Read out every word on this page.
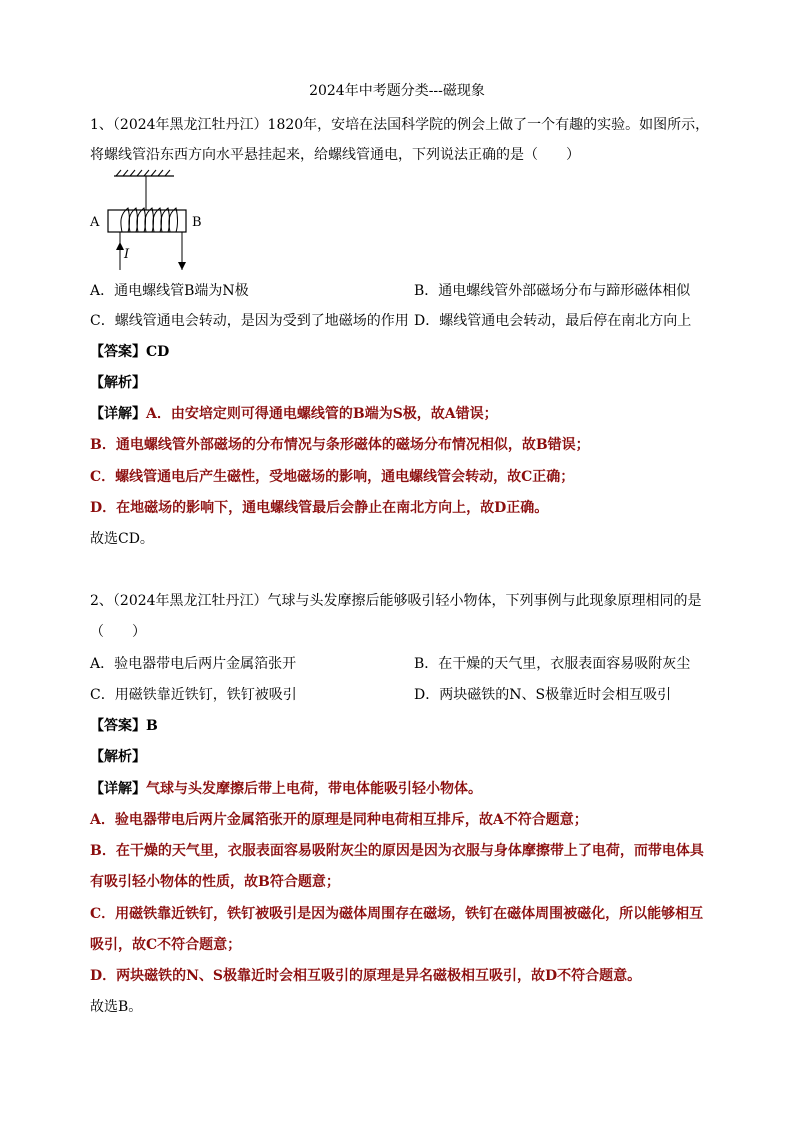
2024年中考题分类---磁现象
1、（2024年黑龙江牡丹江）1820年，安培在法国科学院的例会上做了一个有趣的实验。如图所示，
将螺线管沿东西方向水平悬挂起来，给螺线管通电，下列说法正确的是（　　）
A	B
I
A．通电螺线管B端为N极	B．通电螺线管外部磁场分布与蹄形磁体相似
C．螺线管通电会转动，是因为受到了地磁场的作用 D．螺线管通电会转动，最后停在南北方向上
【答案】CD
【解析】
【详解】A．由安培定则可得通电螺线管的B端为S极，故A错误；
B．通电螺线管外部磁场的分布情况与条形磁体的磁场分布情况相似，故B错误；
C．螺线管通电后产生磁性，受地磁场的影响，通电螺线管会转动，故C正确；
D．在地磁场的影响下，通电螺线管最后会静止在南北方向上，故D正确。
故选CD。
2、（2024年黑龙江牡丹江）气球与头发摩擦后能够吸引轻小物体，下列事例与此现象原理相同的是
（　　）
A．验电器带电后两片金属箔张开	B．在干燥的天气里，衣服表面容易吸附灰尘
C．用磁铁靠近铁钉，铁钉被吸引	D．两块磁铁的N、S极靠近时会相互吸引
【答案】B
【解析】
【详解】气球与头发摩擦后带上电荷，带电体能吸引轻小物体。
A．验电器带电后两片金属箔张开的原理是同种电荷相互排斥，故A不符合题意；
B．在干燥的天气里，衣服表面容易吸附灰尘的原因是因为衣服与身体摩擦带上了电荷，而带电体具
有吸引轻小物体的性质，故B符合题意；
C．用磁铁靠近铁钉，铁钉被吸引是因为磁体周围存在磁场，铁钉在磁体周围被磁化，所以能够相互
吸引，故C不符合题意；
D．两块磁铁的N、S极靠近时会相互吸引的原理是异名磁极相互吸引，故D不符合题意。
故选B。
